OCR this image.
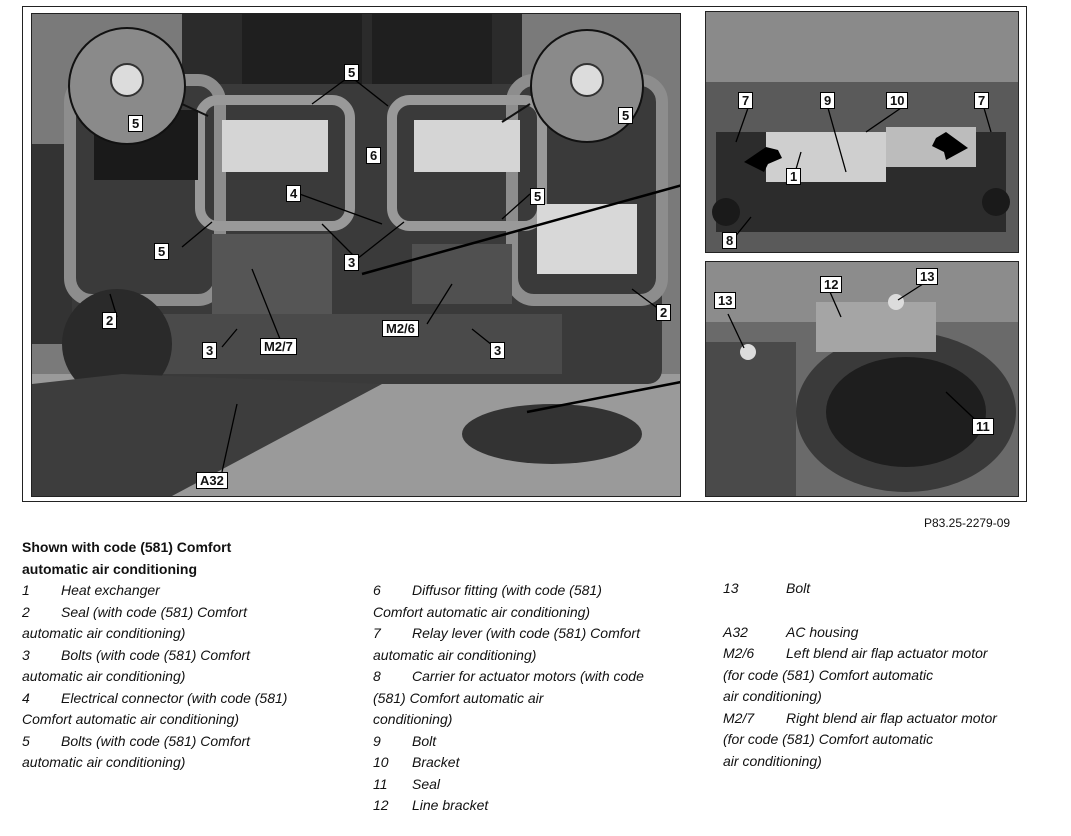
5
5
5
6
4	5
5
3
2
2
3	M2/7
M2/6
3
A32
7	9	10	7
1
8
12
13
13
11
P83.25-2279-09
Shown with code (581) Comfort
automatic air conditioning
1 Heat exchanger
2 Seal (with code (581) Comfort
automatic air conditioning)
3 Bolts (with code (581) Comfort
automatic air conditioning)
4 Electrical connector (with code (581)
Comfort automatic air conditioning)
5 Bolts (with code (581) Comfort
automatic air conditioning)
6 Diffusor fitting (with code (581)
Comfort automatic air conditioning)
7 Relay lever (with code (581) Comfort
automatic air conditioning)
8 Carrier for actuator motors (with code
(581) Comfort automatic air
conditioning)
9 Bolt
10 Bracket
11 Seal
12 Line bracket
13	Bolt
A32	AC housing
M2/6 Left blend air flap actuator motor
(for code (581) Comfort automatic
air conditioning)
M2/7 Right blend air flap actuator motor
(for code (581) Comfort automatic
air conditioning)
